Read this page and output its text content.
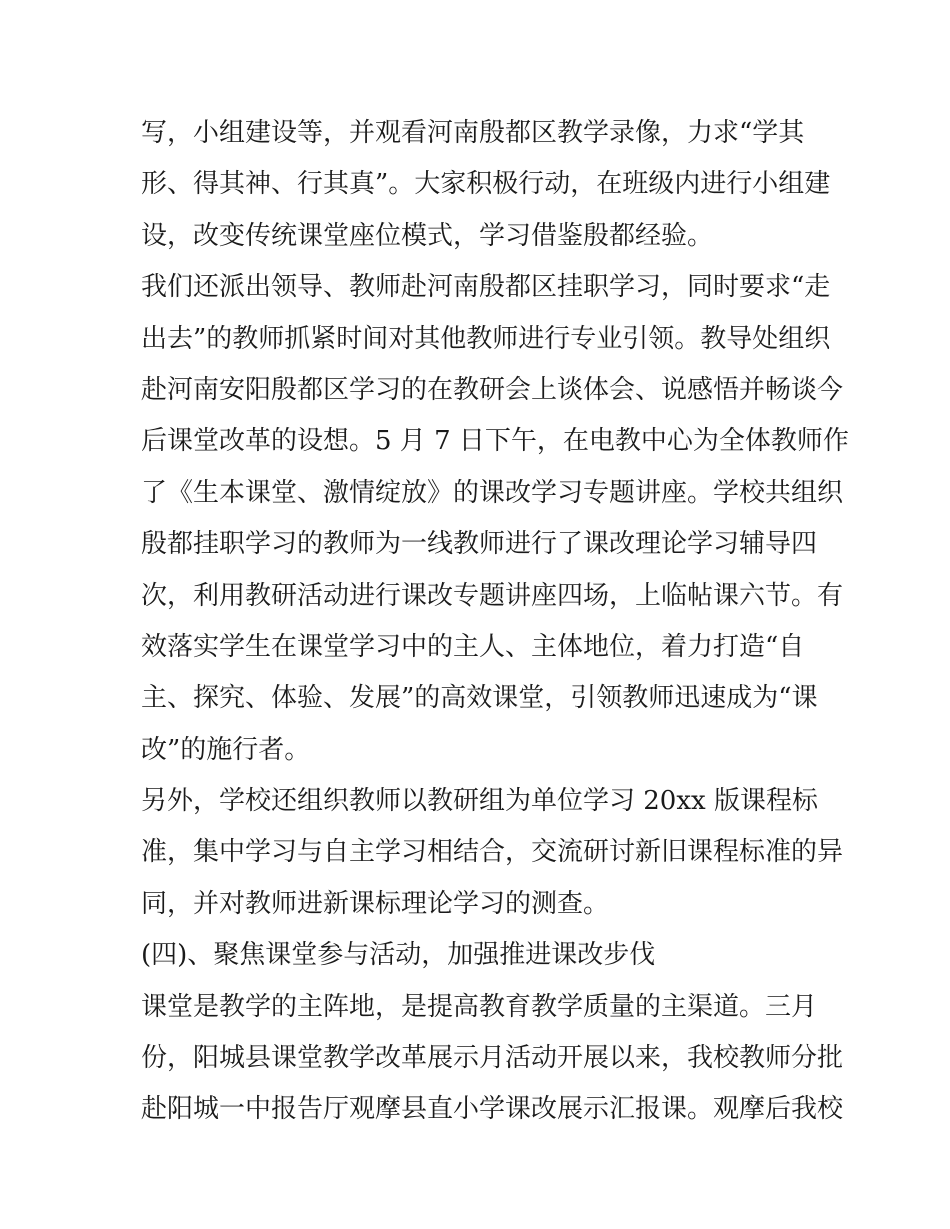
写，小组建设等，并观看河南殷都区教学录像，力求“学其
形、得其神、行其真”。大家积极行动，在班级内进行小组建
设，改变传统课堂座位模式，学习借鉴殷都经验。
我们还派出领导、教师赴河南殷都区挂职学习，同时要求“走
出去”的教师抓紧时间对其他教师进行专业引领。教导处组织
赴河南安阳殷都区学习的在教研会上谈体会、说感悟并畅谈今
后课堂改革的设想。5 月 7 日下午，在电教中心为全体教师作
了《生本课堂、激情绽放》的课改学习专题讲座。学校共组织
殷都挂职学习的教师为一线教师进行了课改理论学习辅导四
次，利用教研活动进行课改专题讲座四场，上临帖课六节。有
效落实学生在课堂学习中的主人、主体地位，着力打造“自
主、探究、体验、发展”的高效课堂，引领教师迅速成为“课
改”的施行者。
另外，学校还组织教师以教研组为单位学习 20xx 版课程标
准，集中学习与自主学习相结合，交流研讨新旧课程标准的异
同，并对教师进新课标理论学习的测查。
(四)、聚焦课堂参与活动，加强推进课改步伐
课堂是教学的主阵地，是提高教育教学质量的主渠道。三月
份，阳城县课堂教学改革展示月活动开展以来，我校教师分批
赴阳城一中报告厅观摩县直小学课改展示汇报课。观摩后我校
